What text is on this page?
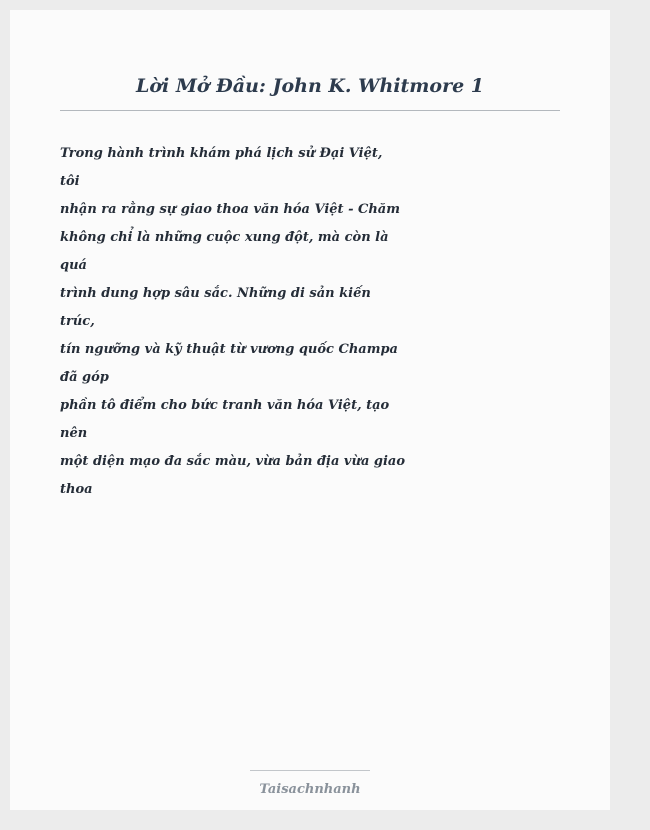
Lời Mở Đầu: John K. Whitmore 1
Trong hành trình khám phá lịch sử Đại Việt,
tôi
nhận ra rằng sự giao thoa văn hóa Việt - Chăm
không chỉ là những cuộc xung đột, mà còn là
quá
trình dung hợp sâu sắc. Những di sản kiến
trúc,
tín ngưỡng và kỹ thuật từ vương quốc Champa
đã góp
phần tô điểm cho bức tranh văn hóa Việt, tạo
nên
một diện mạo đa sắc màu, vừa bản địa vừa giao
thoa
Taisachnhanh
